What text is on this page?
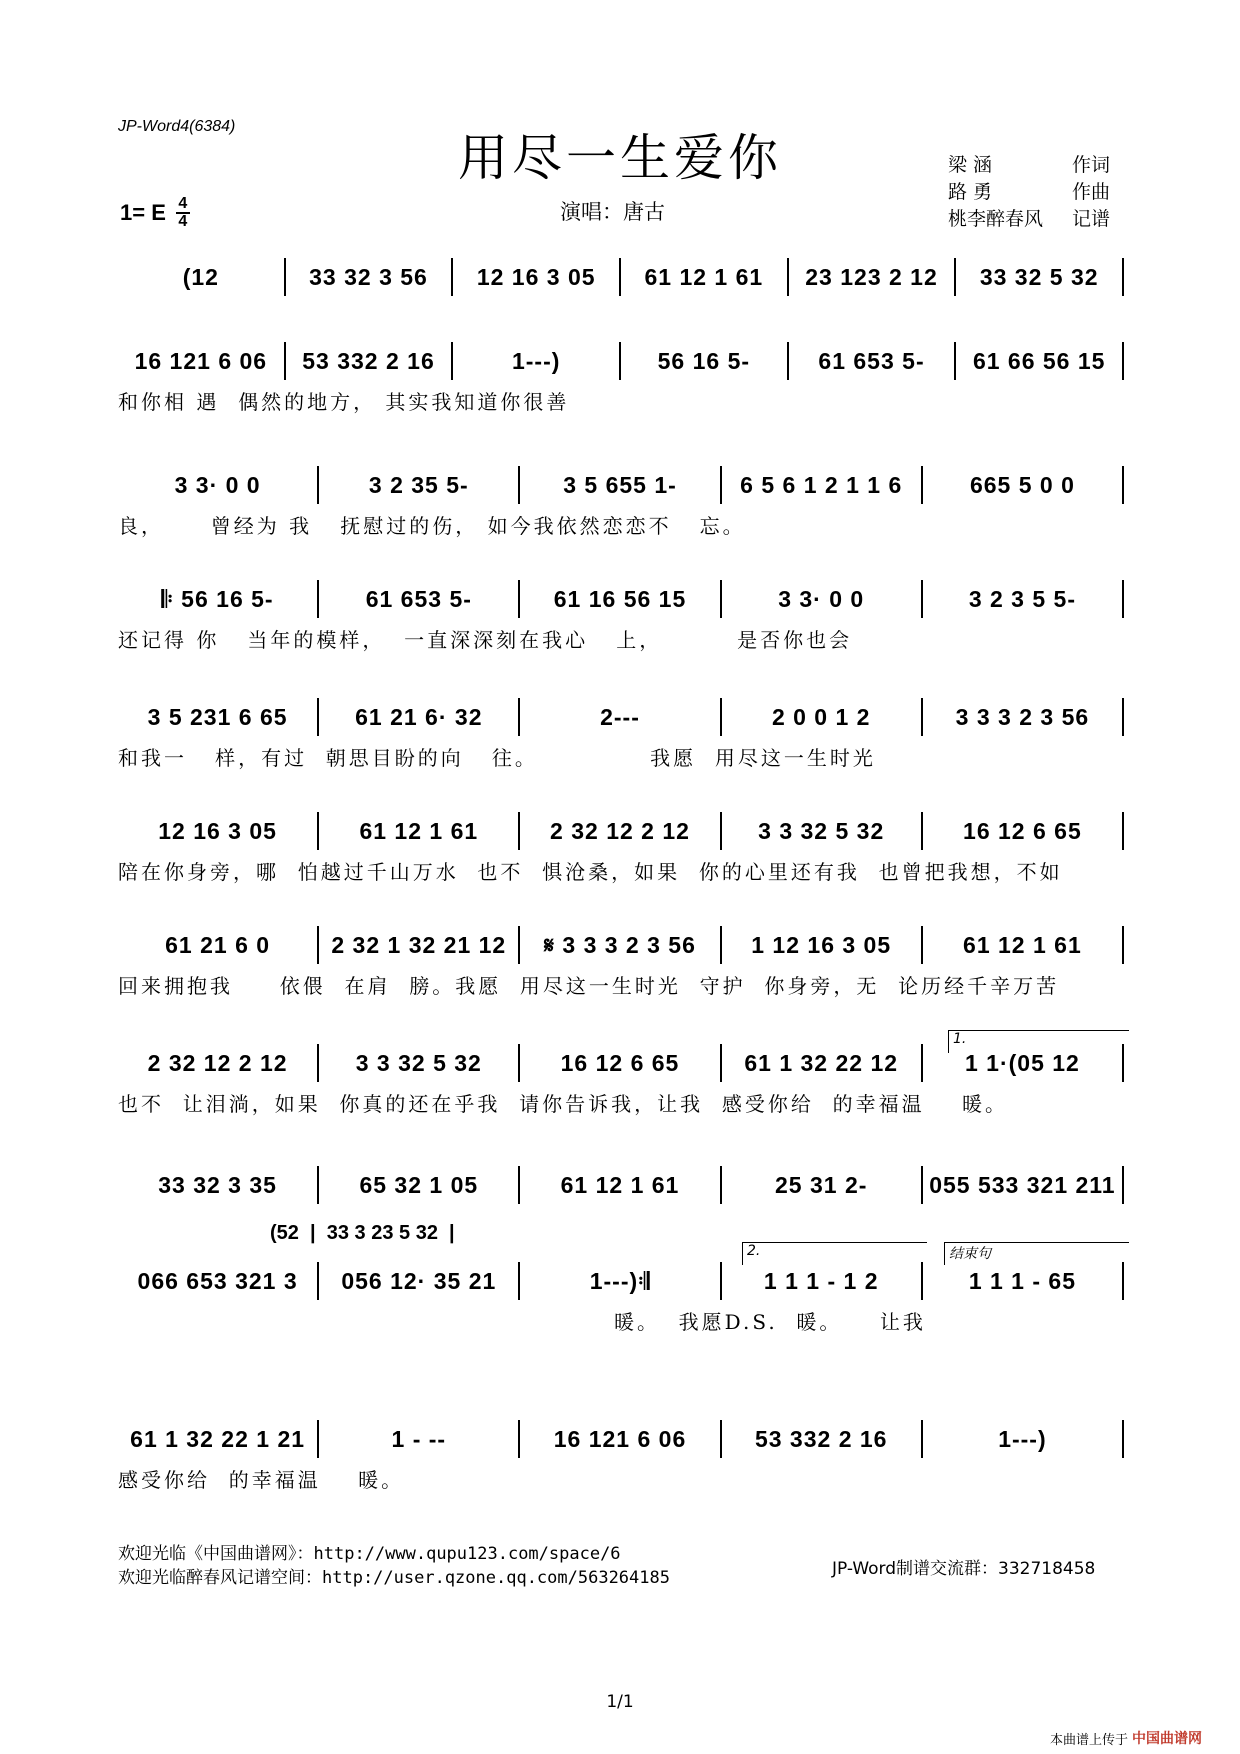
JP-Word4(6384)
用尽一生爱你	梁 涵	作词
路 勇	作曲
桃李醉春风	记谱
1= E 4
4	演唱：唐古
(12	33 32 3 56	12 16 3 05	61 12 1 61	23 123 2 12	33 32 5 32
16 121 6 06	53 332 2 16	1---)	56 16 5-	61 653 5-	61 66 56 15
和你相 遇  偶然的地方， 其实我知道你很善
3 3· 0 0	3 2 35 5-	3 5 655 1-	6 5 6 1 2 1 1 6	665 5 0 0
良，     曾经为 我   抚慰过的伤， 如今我依然恋恋不   忘。
𝄆 56 16 5-	61 653 5-	61 16 56 15	3 3· 0 0	3 2 3 5 5-
还记得 你   当年的模样，  一直深深刻在我心   上，        是否你也会
3 5 231 6 65	61 21 6· 32	2---	2 0 0 1 2	3 3 3 2 3 56
和我一   样，有过  朝思目盼的向   往。            我愿  用尽这一生时光
12 16 3 05	61 12 1 61	2 32 12 2 12	3 3 32 5 32	16 12 6 65
陪在你身旁，哪  怕越过千山万水  也不  惧沧桑，如果  你的心里还有我  也曾把我想，不如
61 21 6 0	2 32 1 32 21 12	𝄋 3 3 3 2 3 56	1 12 16 3 05	61 12 1 61
回来拥抱我     依偎  在肩  膀。我愿  用尽这一生时光  守护  你身旁，无  论历经千辛万苦
2 32 12 2 12	3 3 32 5 32	16 12 6 65	61 1 32 22 12	1 1·(05 12
也不  让泪淌，如果  你真的还在乎我  请你告诉我，让我  感受你给  的幸福温    暖。
33 32 3 35	65 32 1 05	61 12 1 61	25 31 2-	055 533 321 211
066 653 321 3	056 12· 35 21	1---)𝄇	1 1 1 - 1 2	1 1 1 - 65
暖。  我愿D.S.  暖。    让我
61 1 32 22 1 21	1 - --	16 121 6 06	53 332 2 16	1---)
感受你给  的幸福温    暖。
(52  |  33 3 23 5 32  |
1.
2.	结束句
欢迎光临《中国曲谱网》：http://www.qupu123.com/space/6
欢迎光临醉春风记谱空间：http://user.qzone.qq.com/563264185	JP-Word制谱交流群：332718458
1/1
本曲谱上传于 中国曲谱网
